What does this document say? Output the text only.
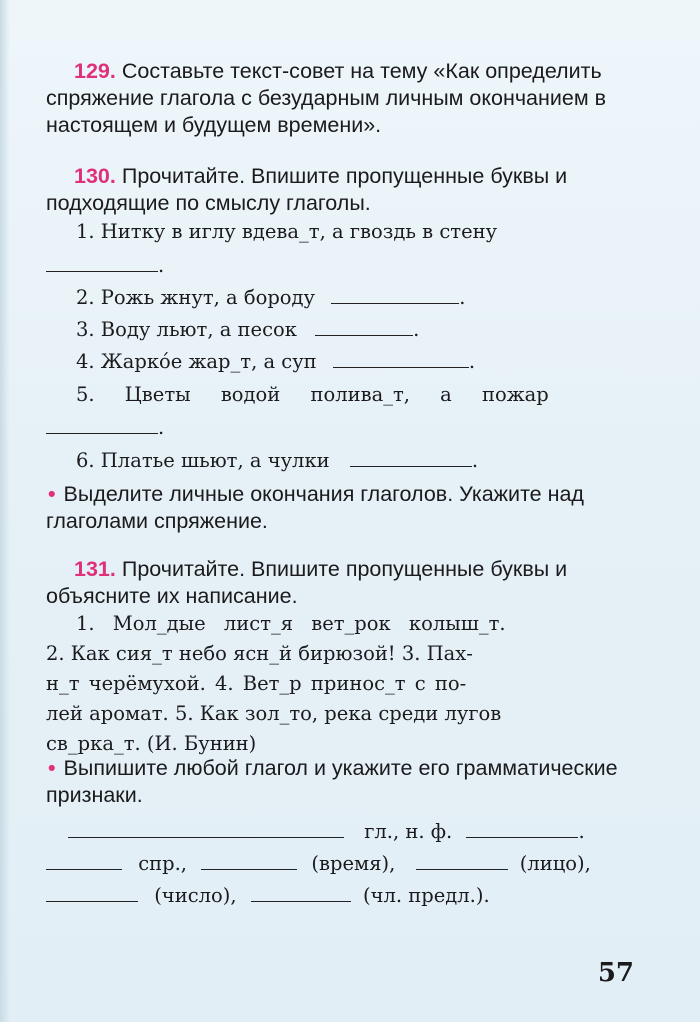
129. Составьте текст-совет на тему «Как определить спряжение глагола с безударным личным окончанием в настоящем и будущем времени».

130. Прочитайте. Впишите пропущенные буквы и подходящие по смыслу глаголы.

1. Нитку в иглу вдева_т, а гвоздь в стену
.
2. Рожь жнут, а бороду	.
3. Воду льют, а песок	.
4. Жаркóе жар_т, а суп	.
5. Цветы водой полива_т, а пожар
.
6. Платье шьют, а чулки	.

• Выделите личные окончания глаголов. Укажите над глаголами спряжение.

131. Прочитайте. Впишите пропущенные буквы и объясните их написание.

1. Мол_дые лист_я вет_рок колыш_т.
2. Как сия_т небо ясн_й бирюзой! 3. Пах-
н_т черёмухой. 4. Вет_р принос_т с по-
лей аромат. 5. Как зол_то, река среди лугов
св_рка_т. (И. Бунин)

• Выпишите любой глагол и укажите его грамматические признаки.

гл., н. ф.	.
спр.,	(время),	(лицо),
(число),	(чл. предл.).
57
